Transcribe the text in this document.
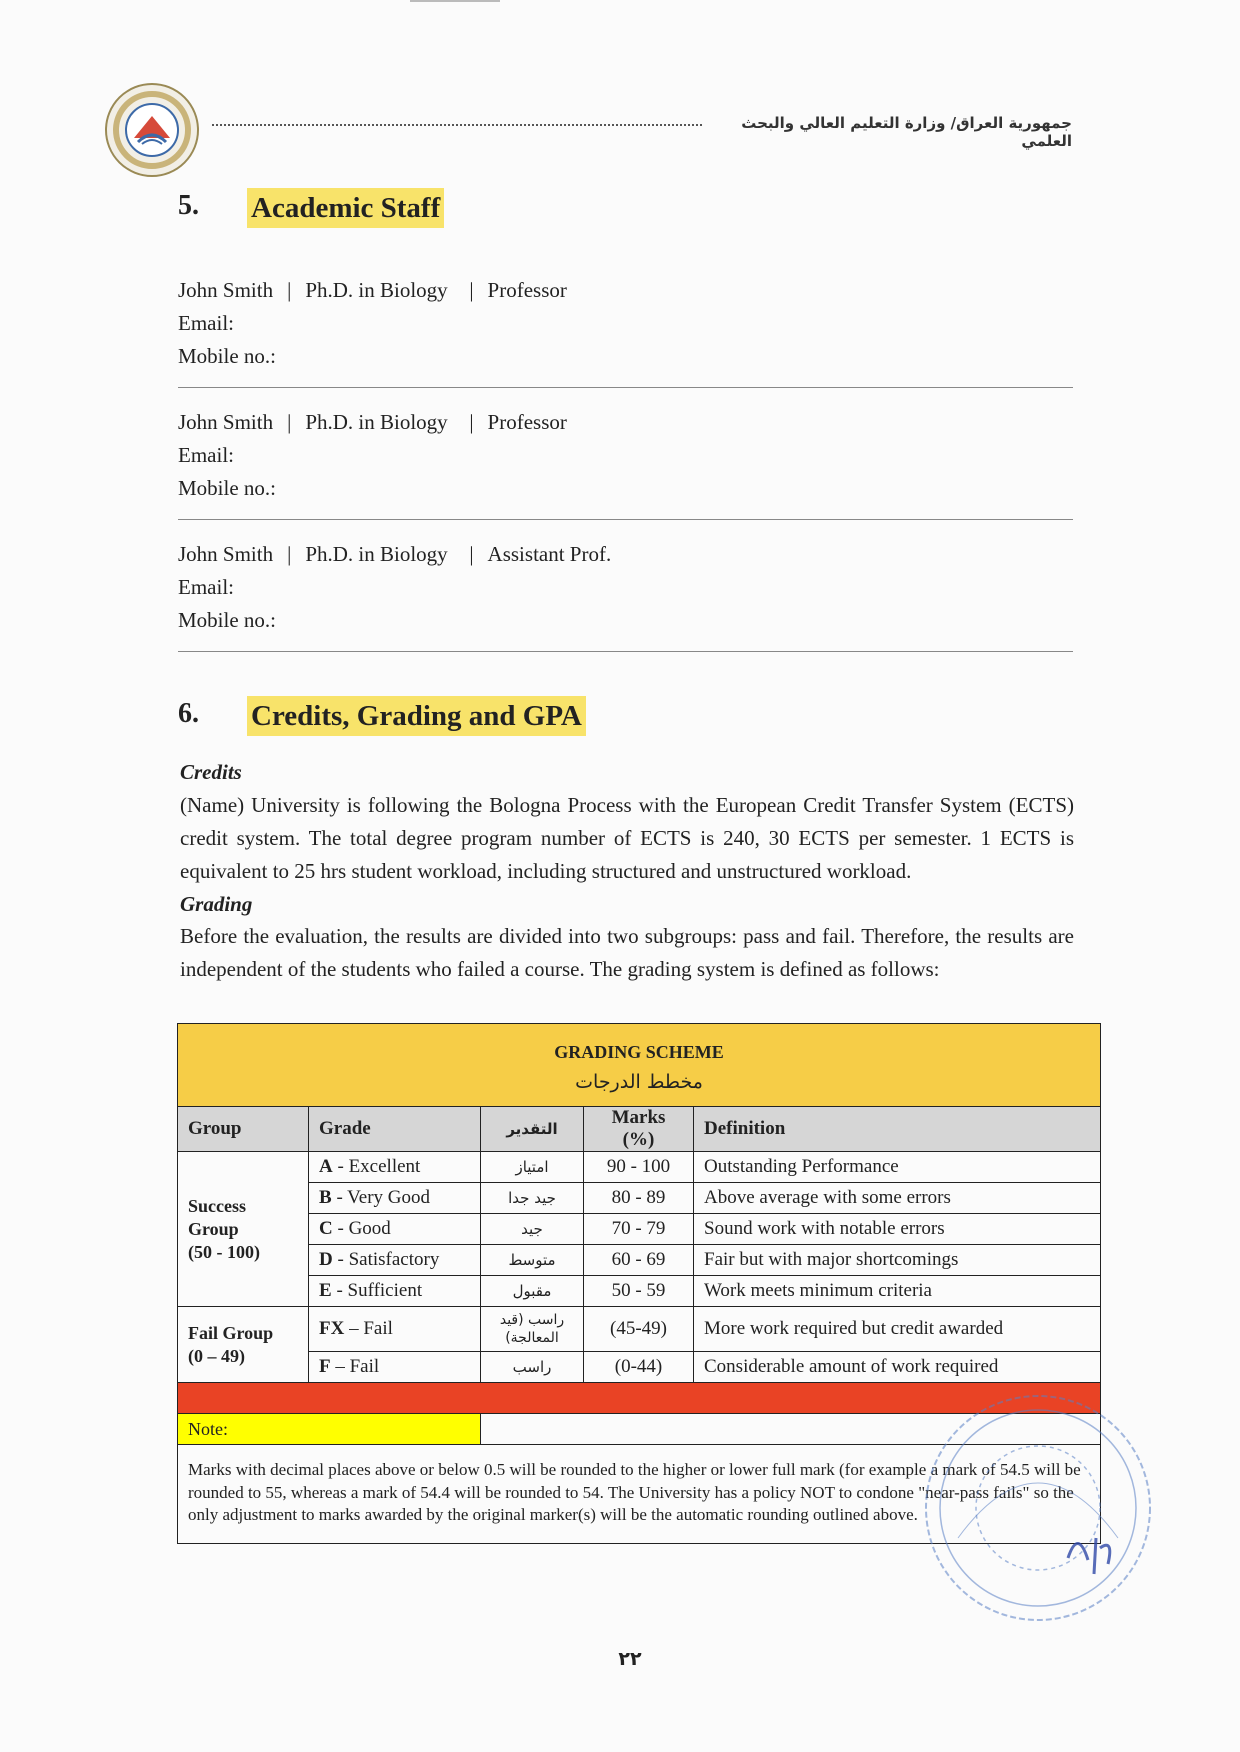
جمهورية العراق/ وزارة التعليم العالي والبحث العلمي
5. Academic Staff
John Smith | Ph.D. in Biology | Professor
Email:
Mobile no.:
John Smith | Ph.D. in Biology | Professor
Email:
Mobile no.:
John Smith | Ph.D. in Biology | Assistant Prof.
Email:
Mobile no.:
6. Credits, Grading and GPA
Credits
(Name) University is following the Bologna Process with the European Credit Transfer System (ECTS) credit system. The total degree program number of ECTS is 240, 30 ECTS per semester. 1 ECTS is equivalent to 25 hrs student workload, including structured and unstructured workload.
Grading
Before the evaluation, the results are divided into two subgroups: pass and fail. Therefore, the results are independent of the students who failed a course. The grading system is defined as follows:
GRADING SCHEME
مخطط الدرجات				

Group	Grade	التقدير	Marks (%)	Definition

Success
Group
(50 - 100)	A - Excellent	امتياز	90 - 100	Outstanding Performance
	B - Very Good	جيد جدا	80 - 89	Above average with some errors
	C - Good	جيد	70 - 79	Sound work with notable errors
	D - Satisfactory	متوسط	60 - 69	Fair but with major shortcomings
	E - Sufficient	مقبول	50 - 59	Work meets minimum criteria

Fail Group
(0 – 49)	FX – Fail	راسب (قيد المعالجة)	(45-49)	More work required but credit awarded
	F – Fail	راسب	(0-44)	Considerable amount of work required

Note:				
Marks with decimal places above or below 0.5 will be rounded to the higher or lower full mark (for example a mark of 54.5 will be rounded to 55, whereas a mark of 54.4 will be rounded to 54. The University has a policy NOT to condone "near-pass fails" so the only adjustment to marks awarded by the original marker(s) will be the automatic rounding outlined above.				
٢٢
